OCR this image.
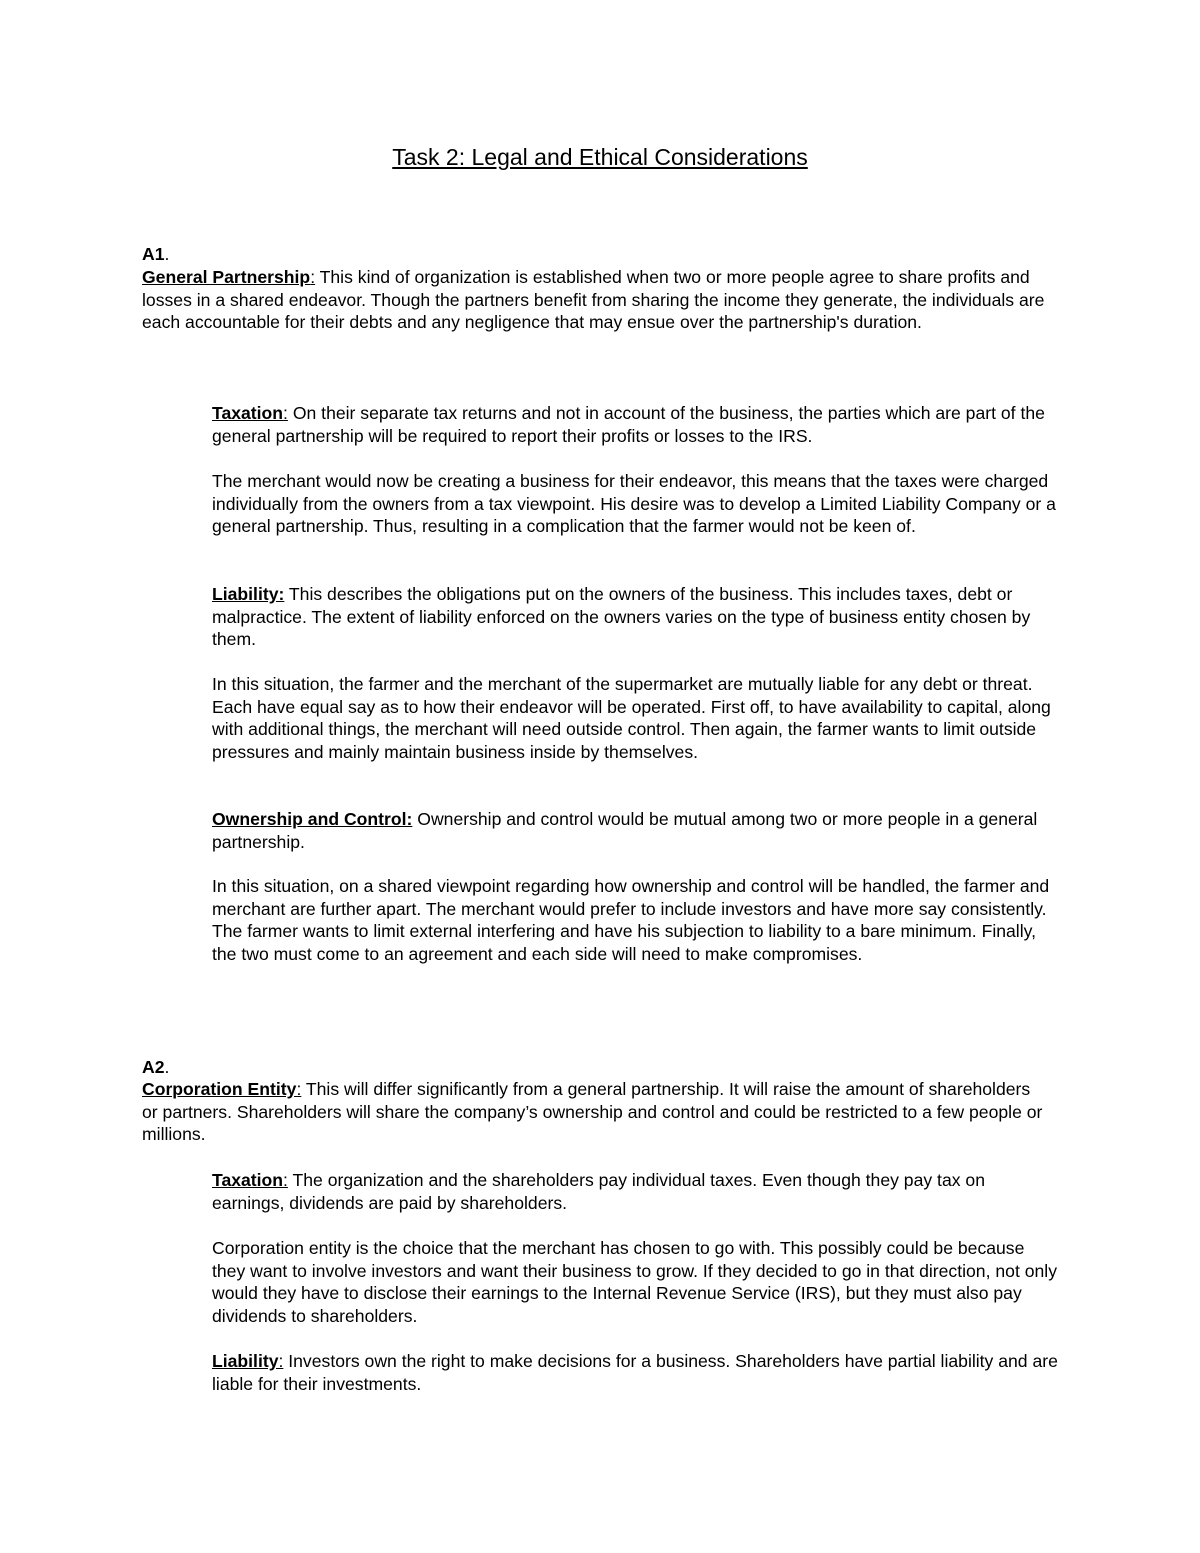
Task 2: Legal and Ethical Considerations

A1.

General Partnership: This kind of organization is established when two or more people agree to share profits and losses in a shared endeavor. Though the partners benefit from sharing the income they generate, the individuals are each accountable for their debts and any negligence that may ensue over the partnership's duration.

Taxation: On their separate tax returns and not in account of the business, the parties which are part of the general partnership will be required to report their profits or losses to the IRS.

The merchant would now be creating a business for their endeavor, this means that the taxes were charged individually from the owners from a tax viewpoint. His desire was to develop a Limited Liability Company or a general partnership. Thus, resulting in a complication that the farmer would not be keen of.

Liability: This describes the obligations put on the owners of the business. This includes taxes, debt or malpractice. The extent of liability enforced on the owners varies on the type of business entity chosen by them.

In this situation, the farmer and the merchant of the supermarket are mutually liable for any debt or threat. Each have equal say as to how their endeavor will be operated. First off, to have availability to capital, along with additional things, the merchant will need outside control. Then again, the farmer wants to limit outside pressures and mainly maintain business inside by themselves.

Ownership and Control: Ownership and control would be mutual among two or more people in a general partnership.

In this situation, on a shared viewpoint regarding how ownership and control will be handled, the farmer and merchant are further apart. The merchant would prefer to include investors and have more say consistently. The farmer wants to limit external interfering and have his subjection to liability to a bare minimum. Finally, the two must come to an agreement and each side will need to make compromises.

A2.

Corporation Entity: This will differ significantly from a general partnership. It will raise the amount of shareholders or partners. Shareholders will share the company’s ownership and control and could be restricted to a few people or millions.

Taxation: The organization and the shareholders pay individual taxes. Even though they pay tax on earnings, dividends are paid by shareholders.

Corporation entity is the choice that the merchant has chosen to go with. This possibly could be because they want to involve investors and want their business to grow. If they decided to go in that direction, not only would they have to disclose their earnings to the Internal Revenue Service (IRS), but they must also pay dividends to shareholders.

Liability: Investors own the right to make decisions for a business. Shareholders have partial liability and are liable for their investments.
